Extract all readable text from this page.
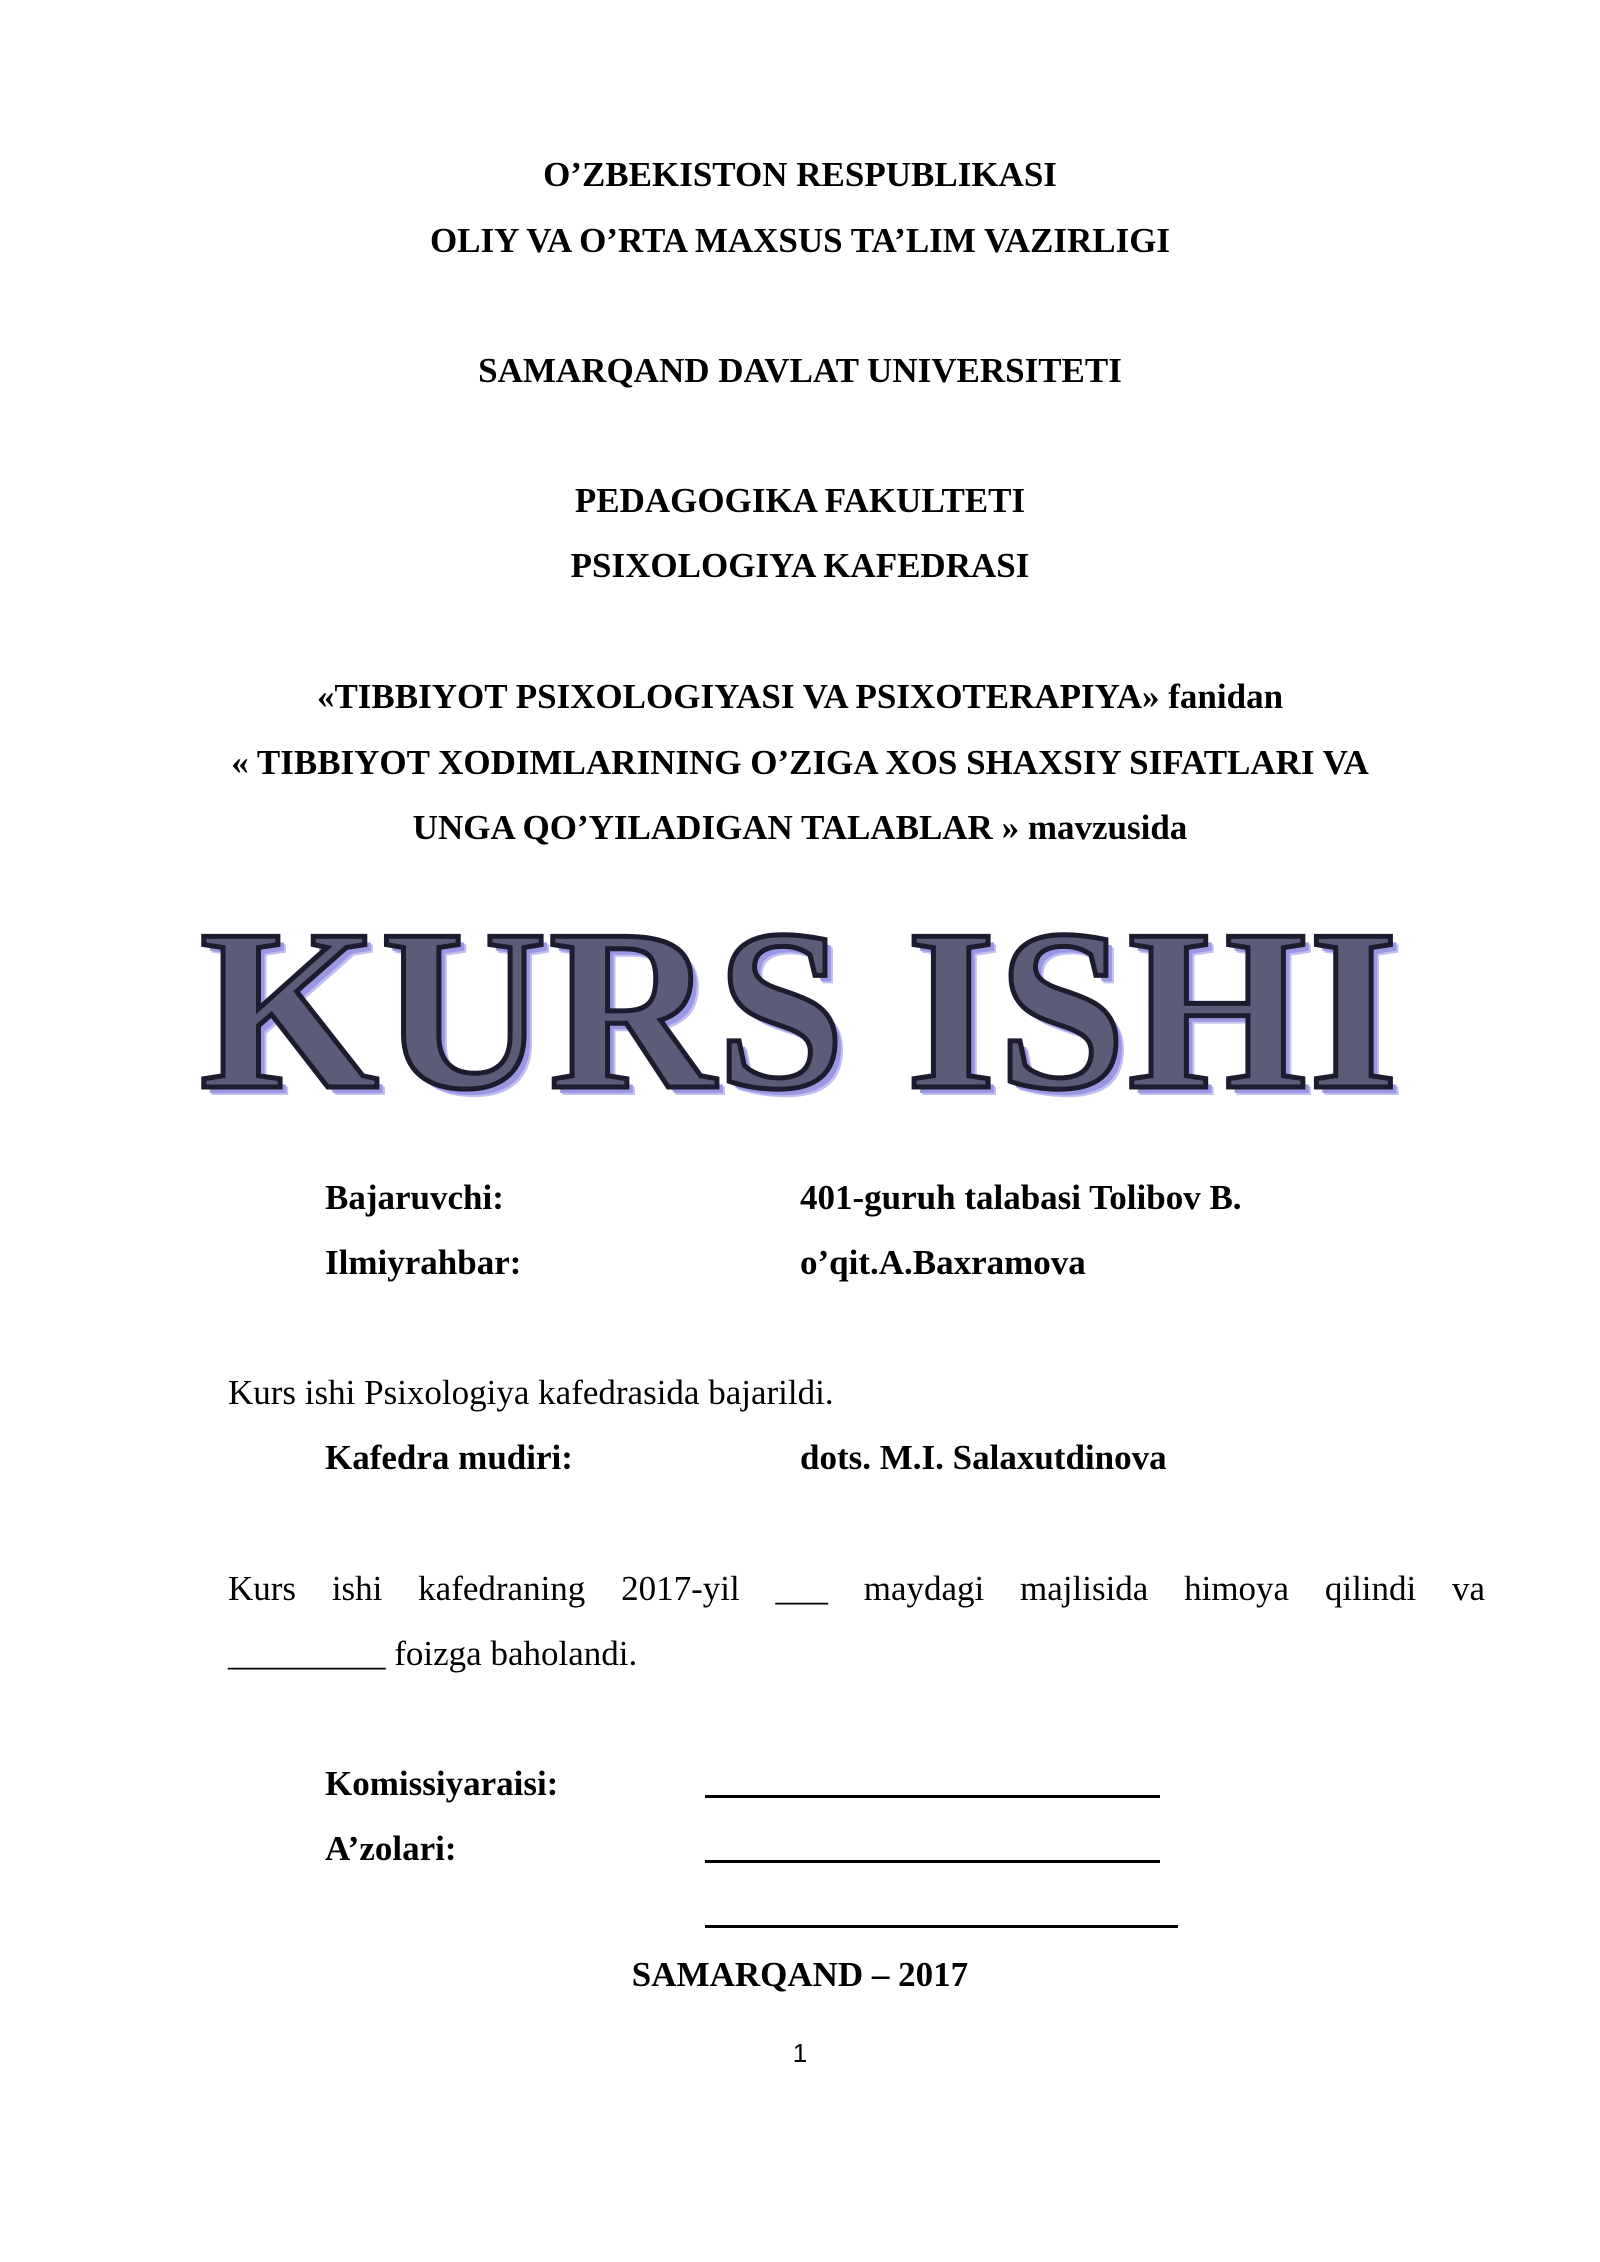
O’ZBEKISTON RESPUBLIKASI
OLIY VA O’RTA MAXSUS TA’LIM VAZIRLIGI
SAMARQAND DAVLAT UNIVERSITETI
PEDAGOGIKA FAKULTETI
PSIXOLOGIYA KAFEDRASI
«TIBBIYOT PSIXOLOGIYASI VA PSIXOTERAPIYA» fanidan
« TIBBIYOT XODIMLARINING O’ZIGA XOS SHAXSIY SIFATLARI VA
UNGA QO’YILADIGAN TALABLAR » mavzusida
KURS ISHI
Bajaruvchi:	401-guruh talabasi Tolibov B.
Ilmiyrahbar:	o’qit.A.Baxramova
Kurs ishi Psixologiya kafedrasida bajarildi.
Kafedra mudiri:	dots. M.I. Salaxutdinova
Kurs ishi kafedraning 2017-yil ___ maydagi majlisida himoya qilindi va
_________ foizga baholandi.
Komissiyaraisi:
A’zolari:
SAMARQAND – 2017
1
